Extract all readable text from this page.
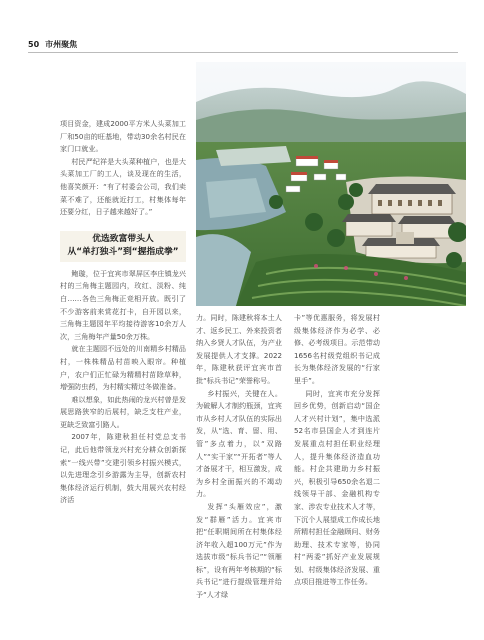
50 市州聚焦

项目资金，建成2000平方米人头菜加工厂和50亩的旺基地，带动30余名村民在家门口就业。

村民严纪祥是大头菜种植户，也是大头菜加工厂的工人，谈及现在的生活，他喜笑颜开：“有了村委会公司，我们卖菜不难了，还能就近打工，村集体每年还要分红，日子越来越好了。”

优选致富带头人
从“单打独斗”到“握指成拳”

鲍璇，位于宜宾市翠屏区李庄镇龙兴村的三角梅主题园内，玫红、淡粉、纯白……各色三角梅正竞相开放。既引了不少游客前来赏花打卡，自开园以来，三角梅主题园年平均接待游客10余万人次，三角梅年产量50余万株。

就在主题园不远处的川南精乡村精品村，一株株精品村苗映入眼帘。种植户，农户们正忙碌为精精村苗除草种，增强防虫药，为村精实精过冬做准备。

难以想象，如此热闹的龙兴村曾是发展思路狭窄的后展村，缺乏支柱产业，更缺乏致富引路人。

2007年，陈建秋担任村党总支书记，此后他带领龙兴村充分耕众创新探索“一线兴带”交建引领乡村振兴模式，以先进理念引乡游露为主导，创新农村集体经济运行机制，鼓大用展兴农村经济活

力。同时，陈建秋将本土人才、返乡民工、外来投资者纳入乡贤人才队伍，为产业发展提供人才支撑。2022年，陈建秋获评宜宾市首批“标兵书记”荣誉称号。

乡村振兴，关键在人。为破解人才制约瓶颈，宜宾市从乡村人才队伍的实际出发，从“选、育、留、用、管”多点着力，以“双路人”“实干家”“开拓者”等人才备展才干，相互激发，成为乡村全面振兴的不竭动力。

发挥“头雁效应”，激发“群雁”活力。宜宾市把“任职期间所在村集体经济年收入超100万元”作为选拔市级“标兵书记”“领雁标”，设有两年考核期的“标兵书记”进行提级管理并给予“人才绿

卡”等优惠服务，将发展村级集体经济作为必学、必修、必考级项目。示范带动1656名村级党组织书记成长为集体经济发展的“行家里手”。

同时，宜宾市充分发挥回乡优势，创新启动“国企人才兴村计划”，集中选派52名市县国企人才到连片发展重点村担任职业经理人，提升集体经济造血功能。村企共建助力乡村振兴，积极引导650余名退二线领导干部、金融机构专家、涉农专业技术人才等，下沉个人展望成工作成长地所精村担任金融顾问、财务助理、技术专家等，协同村“两委”抓好产业发展规划、村级集体经济发展、重点项目推进等工作任务。
